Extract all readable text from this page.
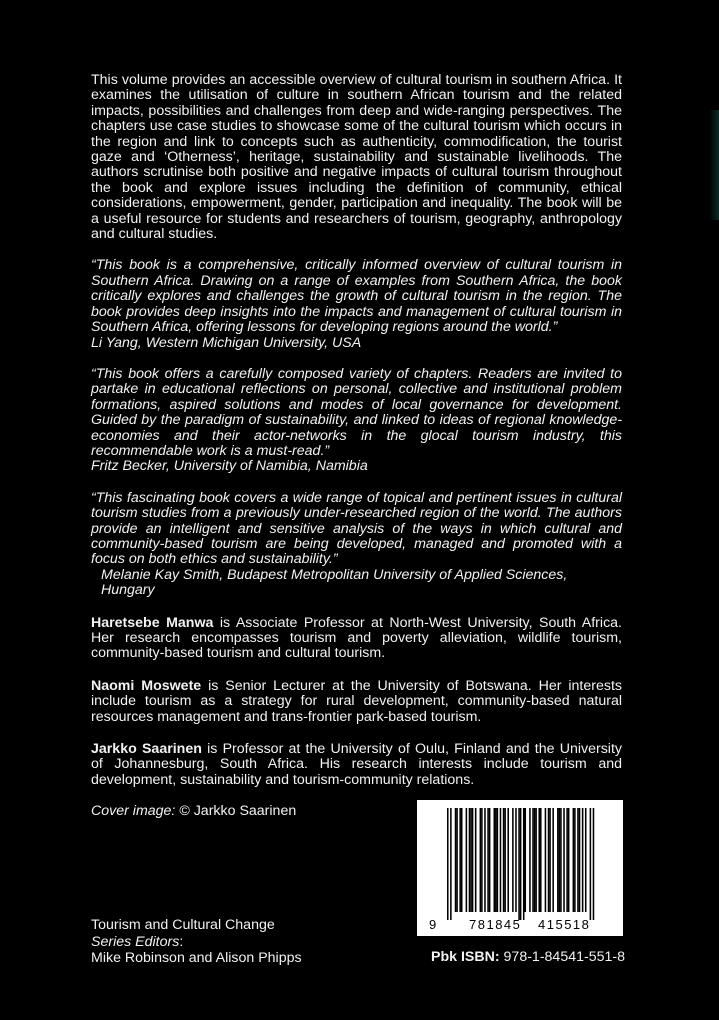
This volume provides an accessible overview of cultural tourism in southern Africa. It examines the utilisation of culture in southern African tourism and the related impacts, possibilities and challenges from deep and wide-ranging perspectives. The chapters use case studies to showcase some of the cultural tourism which occurs in the region and link to concepts such as authenticity, commodification, the tourist gaze and ‘Otherness’, heritage, sustainability and sustainable livelihoods. The authors scrutinise both positive and negative impacts of cultural tourism throughout the book and explore issues including the definition of community, ethical considerations, empowerment, gender, participation and inequality. The book will be a useful resource for students and researchers of tourism, geography, anthropology and cultural studies.

“This book is a comprehensive, critically informed overview of cultural tourism in Southern Africa. Drawing on a range of examples from Southern Africa, the book critically explores and challenges the growth of cultural tourism in the region. The book provides deep insights into the impacts and management of cultural tourism in Southern Africa, offering lessons for developing regions around the world.”

Li Yang, Western Michigan University, USA

“This book offers a carefully composed variety of chapters. Readers are invited to partake in educational reflections on personal, collective and institutional problem formations, aspired solutions and modes of local governance for development. Guided by the paradigm of sustainability, and linked to ideas of regional knowledge-economies and their actor-networks in the glocal tourism industry, this recommendable work is a must-read.”

Fritz Becker, University of Namibia, Namibia

“This fascinating book covers a wide range of topical and pertinent issues in cultural tourism studies from a previously under-researched region of the world. The authors provide an intelligent and sensitive analysis of the ways in which cultural and community-based tourism are being developed, managed and promoted with a focus on both ethics and sustainability.”

Melanie Kay Smith, Budapest Metropolitan University of Applied Sciences, Hungary

Haretsebe Manwa is Associate Professor at North-West University, South Africa. Her research encompasses tourism and poverty alleviation, wildlife tourism, community-based tourism and cultural tourism.

Naomi Moswete is Senior Lecturer at the University of Botswana. Her interests include tourism as a strategy for rural development, community-based natural resources management and trans-frontier park-based tourism.

Jarkko Saarinen is Professor at the University of Oulu, Finland and the University of Johannesburg, South Africa. His research interests include tourism and development, sustainability and tourism-community relations.

Cover image: © Jarkko Saarinen
Tourism and Cultural Change
Series Editors:
Mike Robinson and Alison Phipps
9	781845 415518
Pbk ISBN: 978-1-84541-551-8
